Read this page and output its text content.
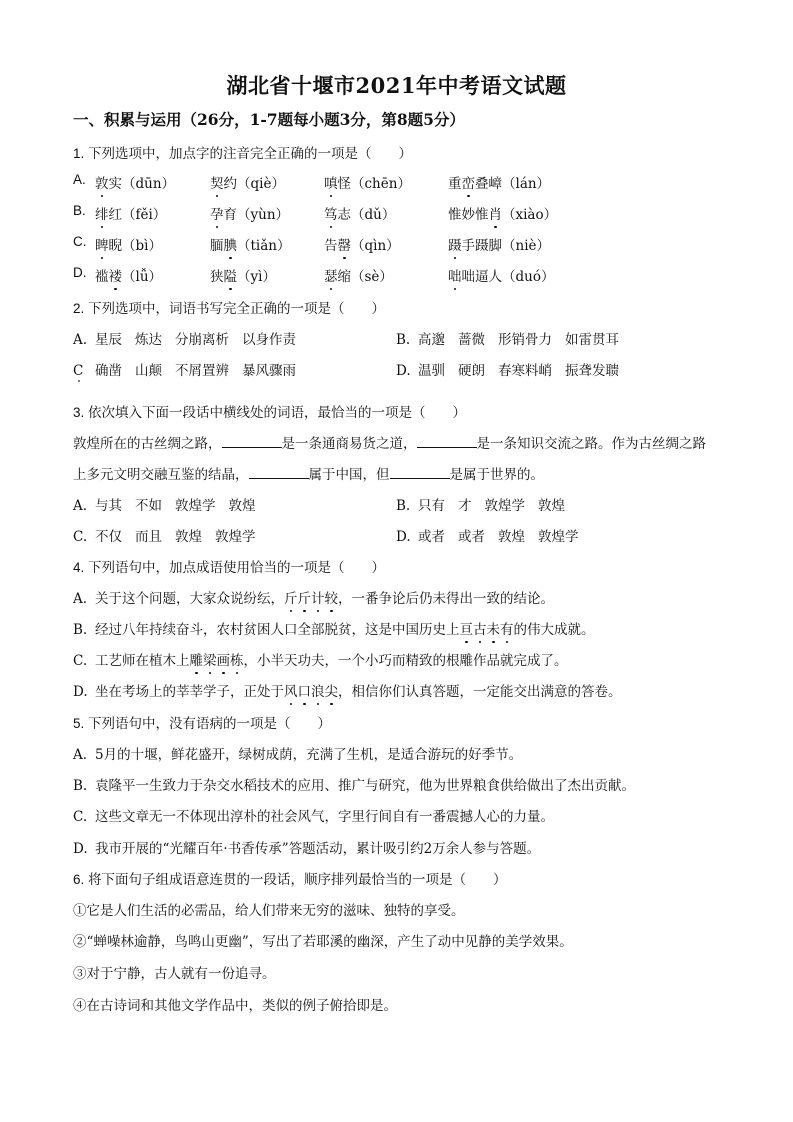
湖北省十堰市2021年中考语文试题
一、积累与运用（26分，1-7题每小题3分，第8题5分）
1. 下列选项中，加点字的注音完全正确的一项是（　　）
A. 敦实（dūn）	契约（qiè）	嗔怪（chēn）	重峦叠嶂（lán）
B. 绯红（fěi）	孕育（yùn）	笃志（dǔ）	惟妙惟肖（xiào）
C. 睥睨（bì）	腼腆（tiǎn） 告罄（qìn）	蹑手蹑脚（niè）
D. 褴褛（lǚ）	狭隘（yì）	瑟缩（sè）	咄咄逼人（duó）
2. 下列选项中，词语书写完全正确的一项是（　　）
A. 星辰 炼达 分崩离析 以身作责	B. 高邈 蔷微 形销骨力 如雷贯耳
C 确凿 山颠 不屑置辨 暴风骤雨	D. 温驯 硬朗 春寒料峭 振聋发聩
3. 依次填入下面一段话中横线处的词语，最恰当的一项是（　　）
敦煌所在的古丝绸之路，	是一条通商易货之道，	是一条知识交流之路。作为古丝绸之路
上多元文明交融互鉴的结晶，	属于中国，但	是属于世界的。
A. 与其 不如 敦煌学 敦煌	B. 只有 才 敦煌学 敦煌
C. 不仅 而且 敦煌 敦煌学	D. 或者 或者 敦煌 敦煌学
4. 下列语句中，加点成语使用恰当的一项是（　　）
A. 关于这个问题，大家众说纷纭，斤斤计较，一番争论后仍未得出一致的结论。
B. 经过八年持续奋斗，农村贫困人口全部脱贫，这是中国历史上亘古未有的伟大成就。
C. 工艺师在植木上雕梁画栋，小半天功夫，一个小巧而精致的根雕作品就完成了。
D. 坐在考场上的莘莘学子，正处于风口浪尖，相信你们认真答题，一定能交出满意的答卷。
5. 下列语句中，没有语病的一项是（　　）
A. 5月的十堰，鲜花盛开，绿树成荫，充满了生机，是适合游玩的好季节。
B. 袁隆平一生致力于杂交水稻技术的应用、推广与研究，他为世界粮食供给做出了杰出贡献。
C. 这些文章无一不体现出淳朴的社会风气，字里行间自有一番震撼人心的力量。
D. 我市开展的“光耀百年·书香传承”答题活动，累计吸引约2万余人参与答题。
6. 将下面句子组成语意连贯的一段话，顺序排列最恰当的一项是（　　）
①它是人们生活的必需品，给人们带来无穷的滋味、独特的享受。
②“蝉噪林逾静，鸟鸣山更幽”，写出了若耶溪的幽深，产生了动中见静的美学效果。
③对于宁静，古人就有一份追寻。
④在古诗词和其他文学作品中，类似的例子俯拾即是。
